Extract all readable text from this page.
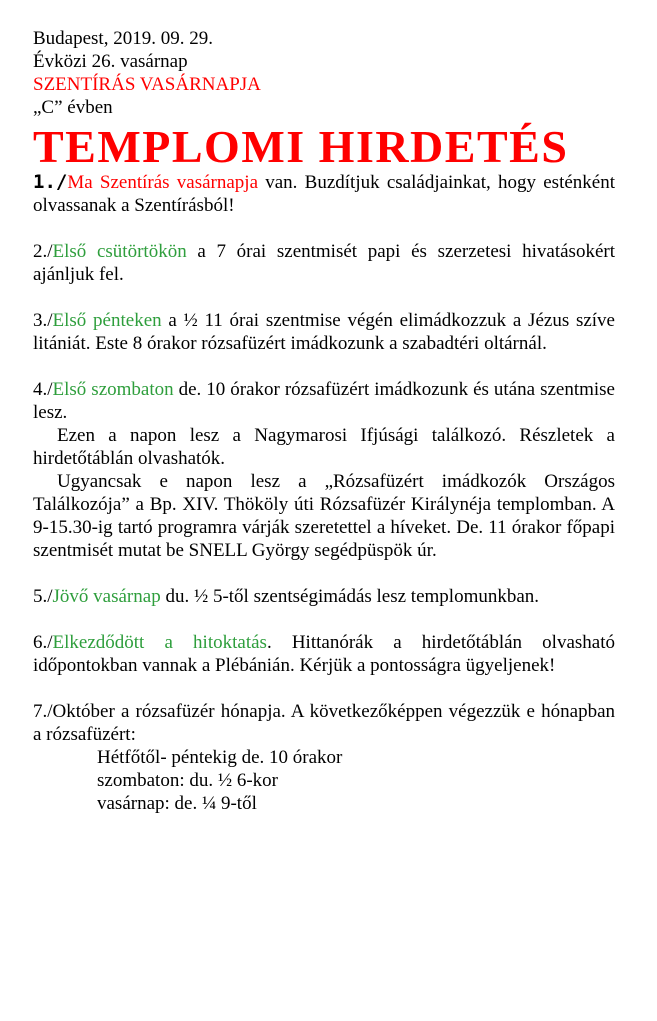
Budapest, 2019. 09. 29.

Évközi 26. vasárnap

SZENTÍRÁS VASÁRNAPJA

„C” évben

TEMPLOMI HIRDETÉS

1./Ma Szentírás vasárnapja van. Buzdítjuk családjainkat, hogy esténként olvassanak a Szentírásból!

2./Első csütörtökön a 7 órai szentmisét papi és szerzetesi hivatásokért ajánljuk fel.

3./Első pénteken a ½ 11 órai szentmise végén elimádkozzuk a Jézus szíve litániát. Este 8 órakor rózsafüzért imádkozunk a szabadtéri oltárnál.

4./Első szombaton de. 10 órakor rózsafüzért imádkozunk és utána szentmise lesz.

Ezen a napon lesz a Nagymarosi Ifjúsági találkozó. Részletek a hirdetőtáblán olvashatók.

Ugyancsak e napon lesz a „Rózsafüzért imádkozók Országos Találkozója” a Bp. XIV. Thököly úti Rózsafüzér Királynéja templomban. A 9-15.30-ig tartó programra várják szeretettel a híveket. De. 11 órakor főpapi szentmisét mutat be SNELL György segédpüspök úr.

5./Jövő vasárnap du. ½ 5-től szentségimádás lesz templomunkban.

6./Elkezdődött a hitoktatás. Hittanórák a hirdetőtáblán olvasható időpontokban vannak a Plébánián. Kérjük a pontosságra ügyeljenek!

7./Október a rózsafüzér hónapja. A következőképpen végezzük e hónapban a rózsafüzért:

Hétfőtől- péntekig de. 10 órakor
szombaton: du. ½ 6-kor
vasárnap: de. ¼ 9-től
